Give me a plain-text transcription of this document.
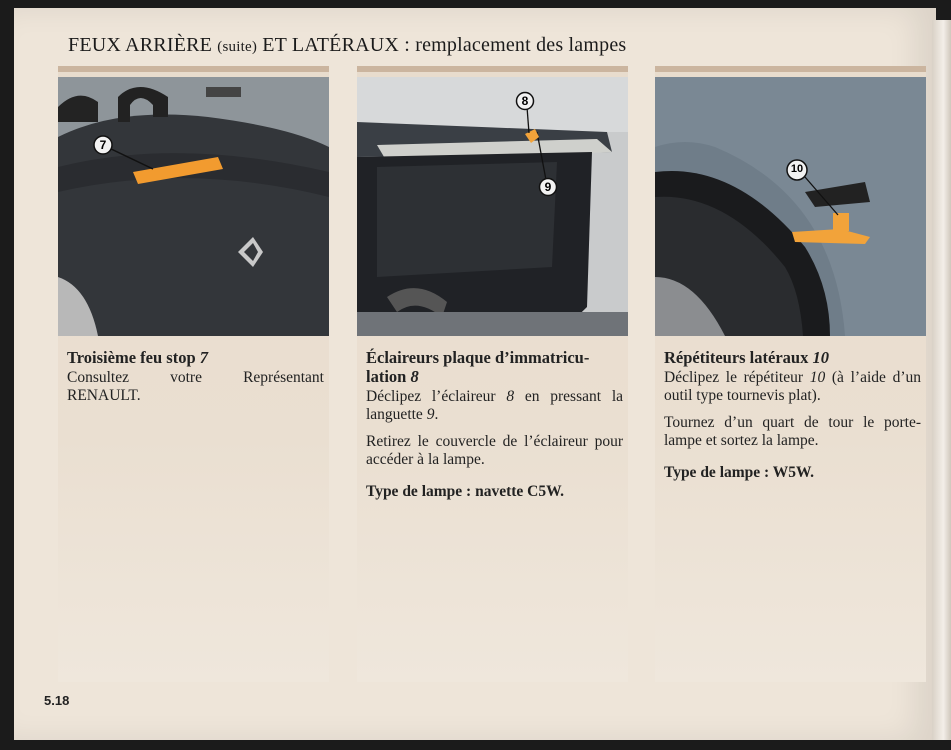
FEUX ARRIÈRE (suite) ET LATÉRAUX : remplacement des lampes
7
Troisième feu stop 7

Consultez votre Représentant RENAULT.

8
9
Éclaireurs plaque d’immatricu-lation 8

Déclipez l’éclaireur 8 en pressant la languette 9.

Retirez le couvercle de l’éclaireur pour accéder à la lampe.

Type de lampe : navette C5W.

10
Répétiteurs latéraux 10

Déclipez le répétiteur 10 (à l’aide d’un outil type tournevis plat).

Tournez d’un quart de tour le porte-lampe et sortez la lampe.

Type de lampe : W5W.

5.18
